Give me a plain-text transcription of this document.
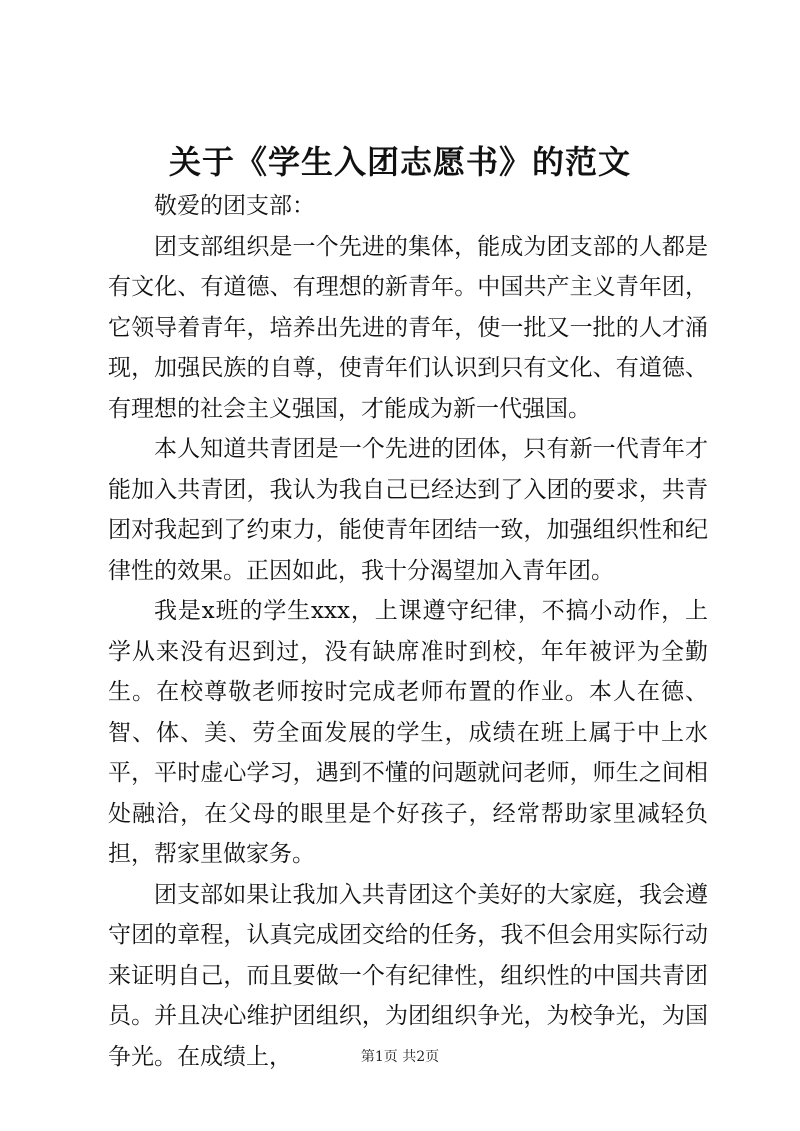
关于《学生入团志愿书》的范文

敬爱的团支部：

团支部组织是一个先进的集体，能成为团支部的人都是有文化、有道德、有理想的新青年。中国共产主义青年团，它领导着青年，培养出先进的青年，使一批又一批的人才涌现，加强民族的自尊，使青年们认识到只有文化、有道德、有理想的社会主义强国，才能成为新一代强国。

本人知道共青团是一个先进的团体，只有新一代青年才能加入共青团，我认为我自己已经达到了入团的要求，共青团对我起到了约束力，能使青年团结一致，加强组织性和纪律性的效果。正因如此，我十分渴望加入青年团。

我是x班的学生xxx，上课遵守纪律，不搞小动作，上学从来没有迟到过，没有缺席准时到校，年年被评为全勤生。在校尊敬老师按时完成老师布置的作业。本人在德、智、体、美、劳全面发展的学生，成绩在班上属于中上水平，平时虚心学习，遇到不懂的问题就问老师，师生之间相处融洽，在父母的眼里是个好孩子，经常帮助家里减轻负担，帮家里做家务。

团支部如果让我加入共青团这个美好的大家庭，我会遵守团的章程，认真完成团交给的任务，我不但会用实际行动来证明自己，而且要做一个有纪律性，组织性的中国共青团员。并且决心维护团组织，为团组织争光，为校争光，为国争光。在成绩上，	第1页 共2页
